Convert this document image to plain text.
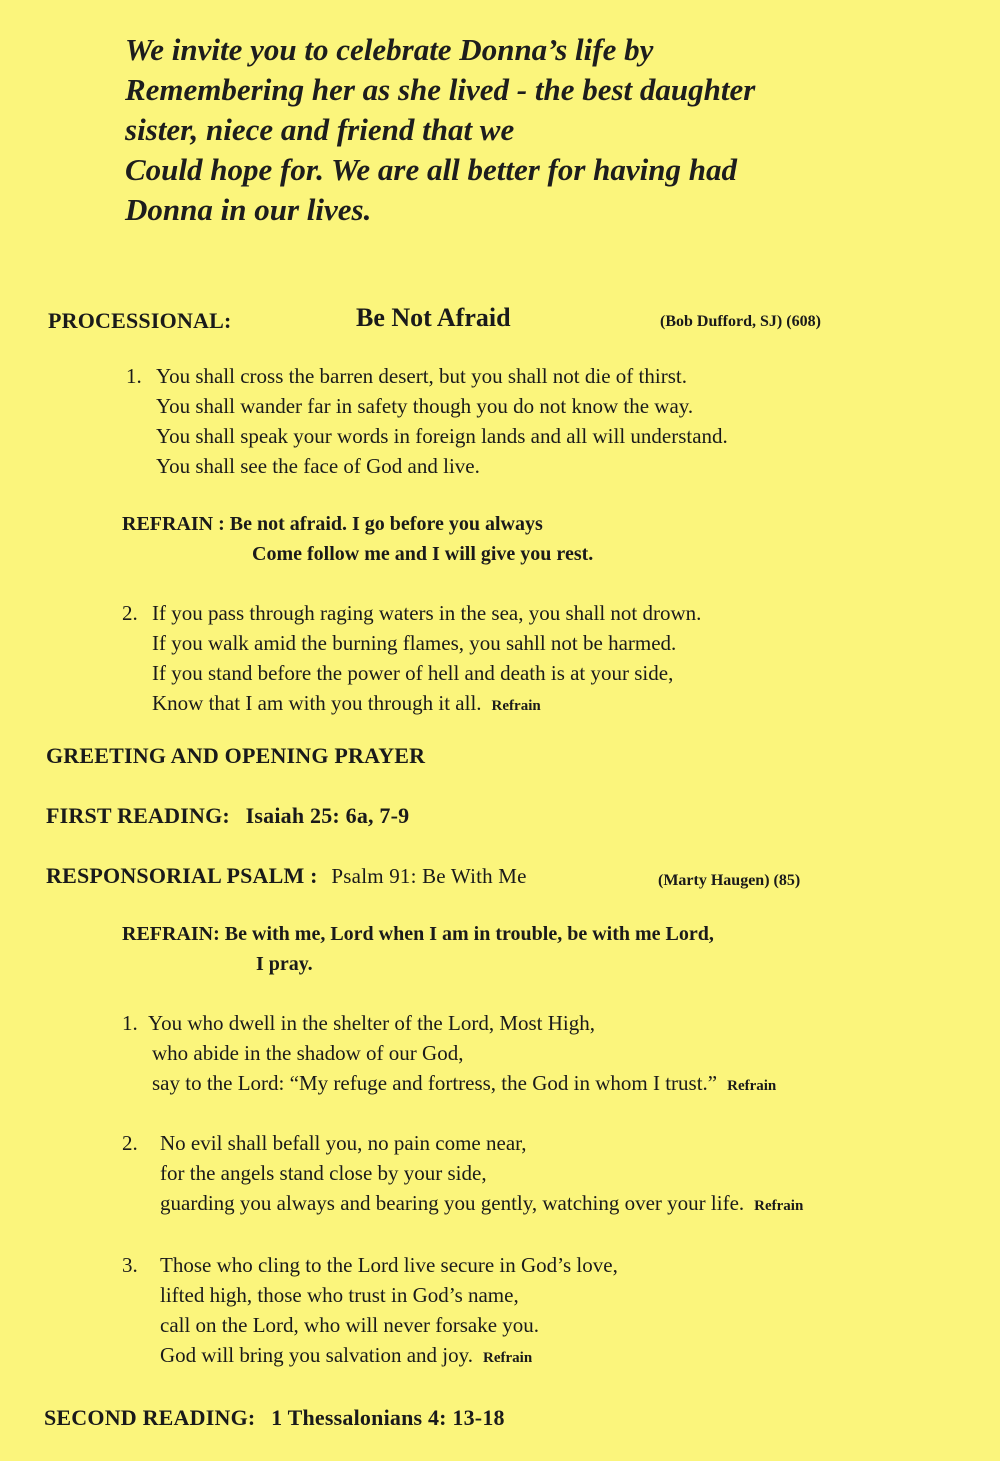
We invite you to celebrate Donna’s life by
Remembering her as she lived - the best daughter
sister, niece and friend that we
Could hope for. We are all better for having had
Donna in our lives.
PROCESSIONAL:	Be Not Afraid	(Bob Dufford, SJ) (608)
1. You shall cross the barren desert, but you shall not die of thirst.
You shall wander far in safety though you do not know the way.
You shall speak your words in foreign lands and all will understand.
You shall see the face of God and live.
REFRAIN : Be not afraid. I go before you always
Come follow me and I will give you rest.
2. If you pass through raging waters in the sea, you shall not drown.
If you walk amid the burning flames, you sahll not be harmed.
If you stand before the power of hell and death is at your side,
Know that I am with you through it all. Refrain
GREETING AND OPENING PRAYER
FIRST READING: Isaiah 25: 6a, 7-9
RESPONSORIAL PSALM : Psalm 91: Be With Me	(Marty Haugen) (85)
REFRAIN: Be with me, Lord when I am in trouble, be with me Lord,
I pray.
1. You who dwell in the shelter of the Lord, Most High,
who abide in the shadow of our God,
say to the Lord: “My refuge and fortress, the God in whom I trust.” Refrain
2. No evil shall befall you, no pain come near,
for the angels stand close by your side,
guarding you always and bearing you gently, watching over your life. Refrain
3. Those who cling to the Lord live secure in God’s love,
lifted high, those who trust in God’s name,
call on the Lord, who will never forsake you.
God will bring you salvation and joy. Refrain
SECOND READING: 1 Thessalonians 4: 13-18
